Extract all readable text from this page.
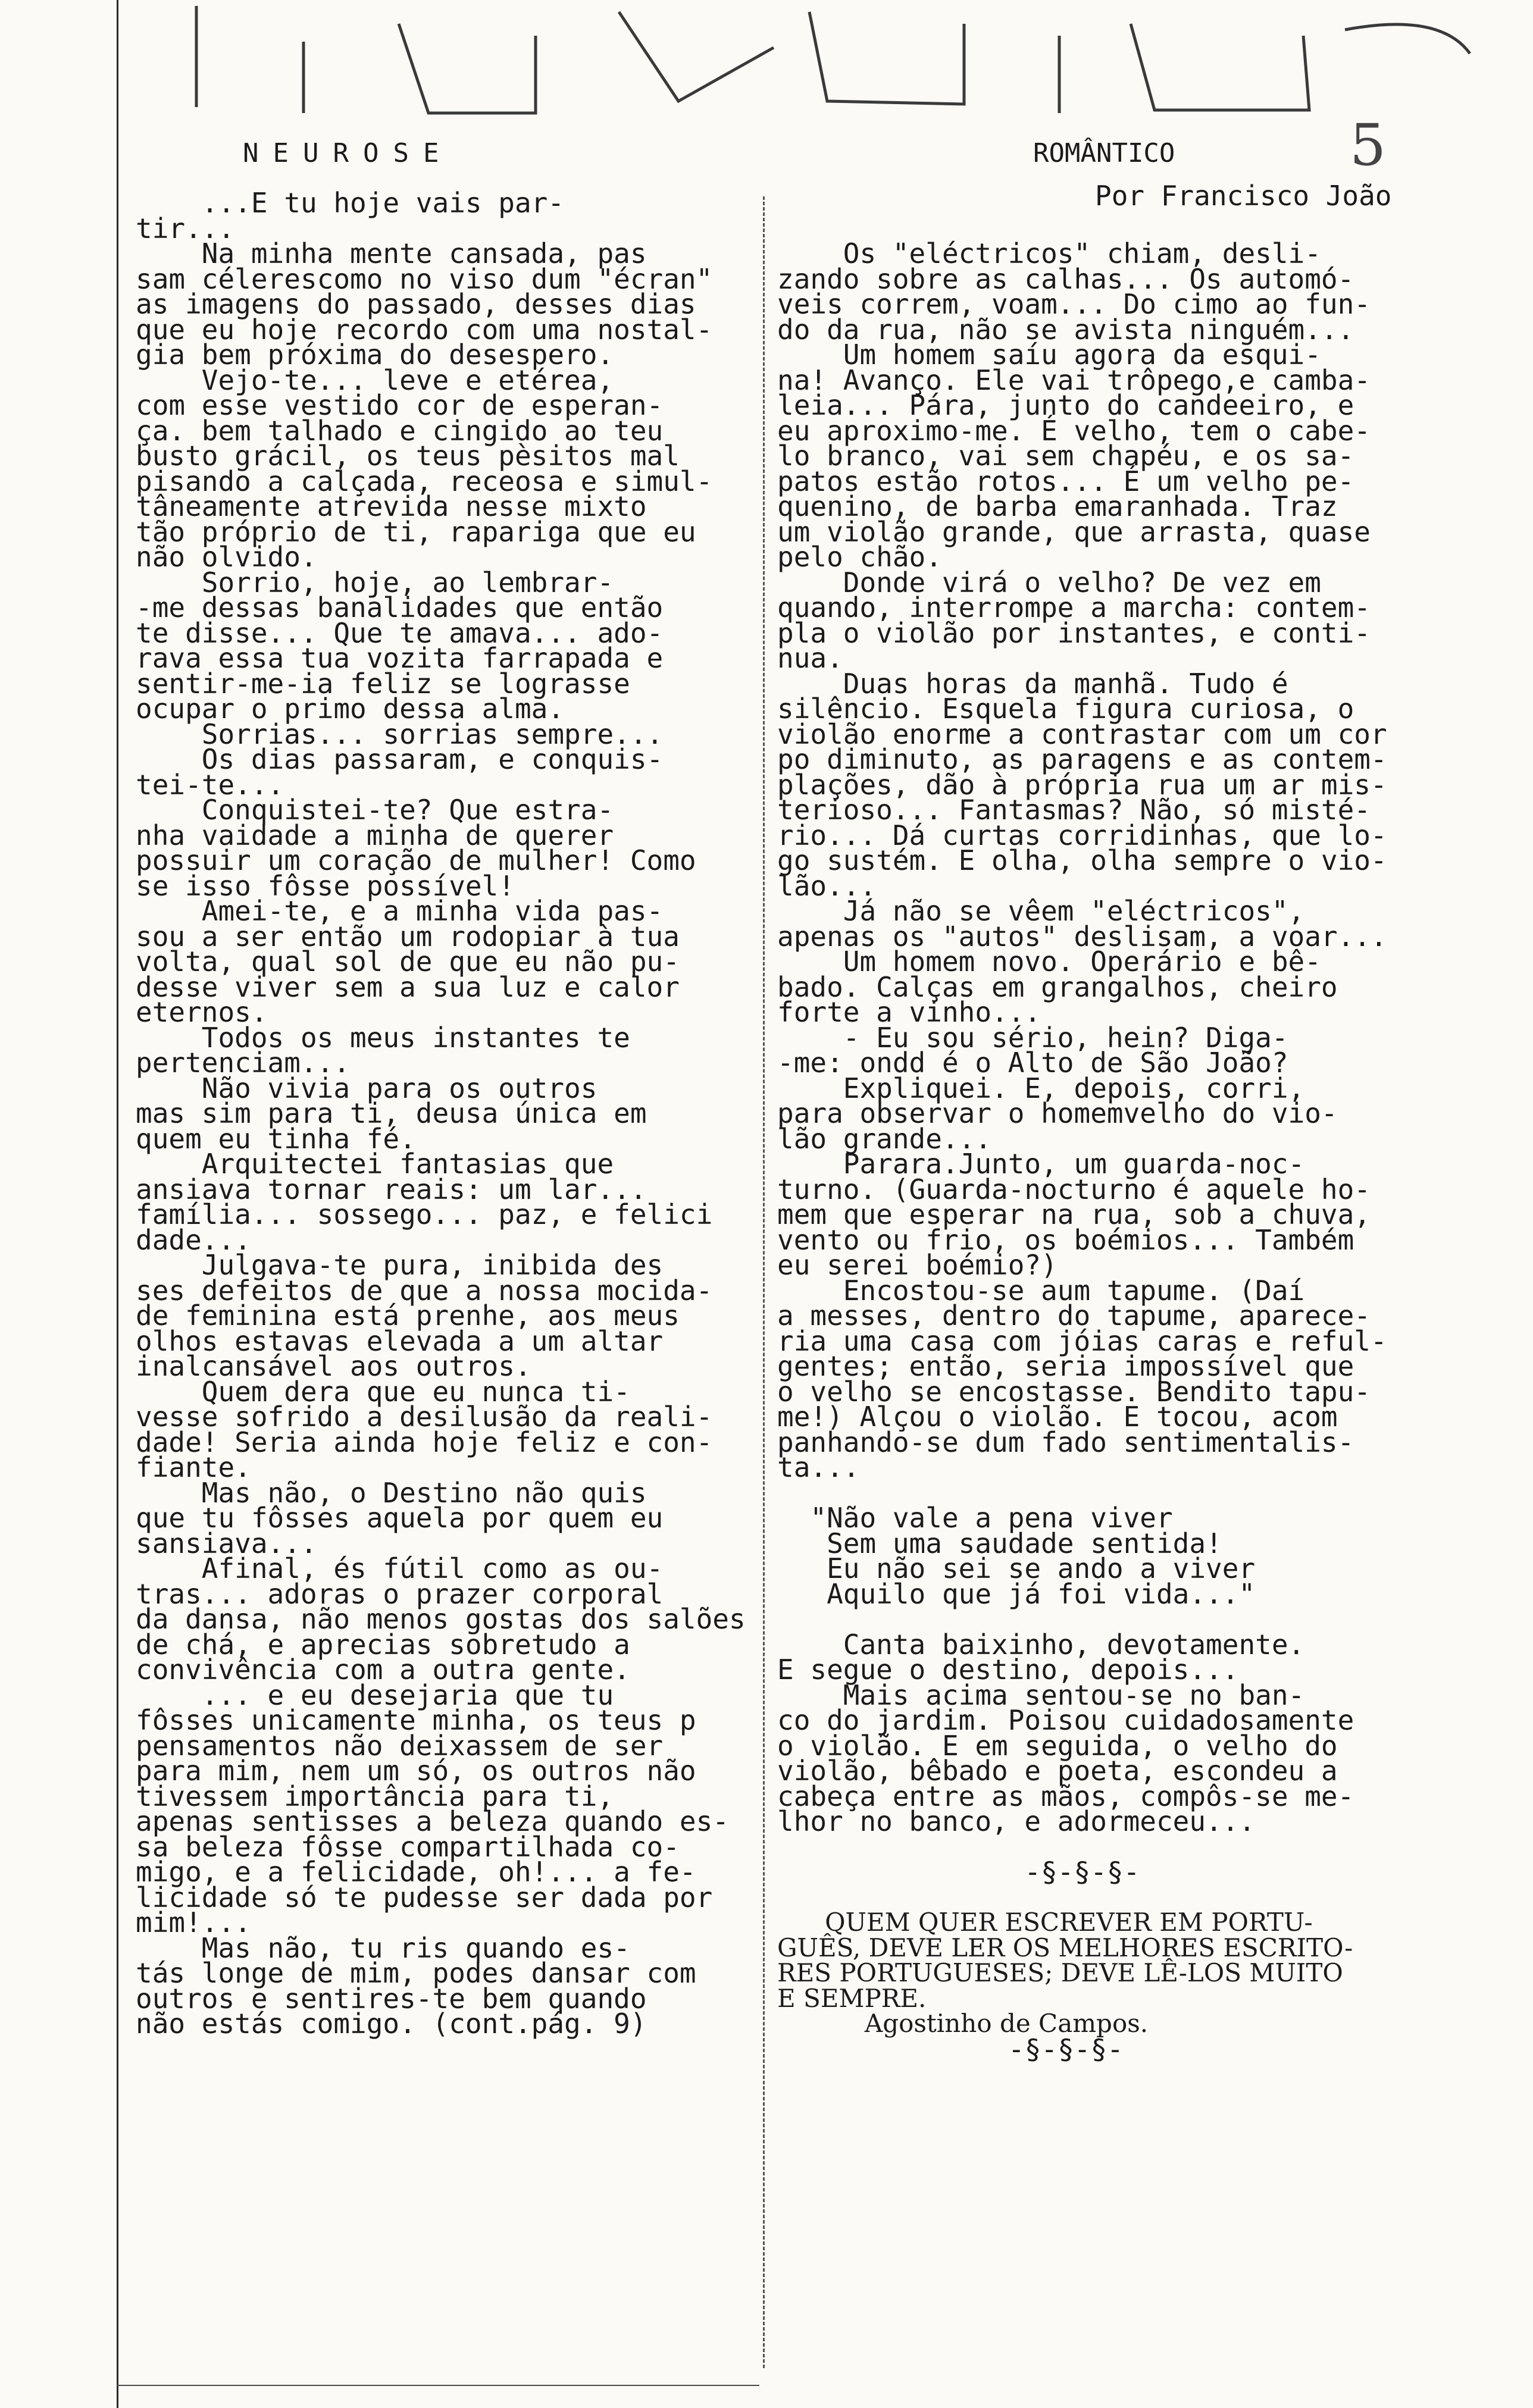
5
NEUROSE	ROMÂNTICO
Por Francisco João
...E tu hoje vais par-
tir...
Na minha mente cansada, pas
sam célerescomo no viso dum "écran"
as imagens do passado, desses dias
que eu hoje recordo com uma nostal-
gia bem próxima do desespero.
Vejo-te... leve e etérea,
com esse vestido cor de esperan-
ça. bem talhado e cingido ao teu
busto grácil, os teus pèsitos mal
pisando a calçada, receosa e simul-
tâneamente atrevida nesse mixto
tão próprio de ti, rapariga que eu
não olvido.
Sorrio, hoje, ao lembrar-
-me dessas banalidades que então
te disse... Que te amava... ado-
rava essa tua vozita farrapada e
sentir-me-ia feliz se lograsse
ocupar o primo dessa alma.
Sorrias... sorrias sempre...
Os dias passaram, e conquis-
tei-te...
Conquistei-te? Que estra-
nha vaidade a minha de querer
possuir um coração de mulher! Como
se isso fôsse possível!
Amei-te, e a minha vida pas-
sou a ser então um rodopiar à tua
volta, qual sol de que eu não pu-
desse viver sem a sua luz e calor
eternos.
Todos os meus instantes te
pertenciam...
Não vivia para os outros
mas sim para ti, deusa única em
quem eu tinha fé.
Arquitectei fantasias que
ansiava tornar reais: um lar...
família... sossego... paz, e felici
dade...
Julgava-te pura, inibida des
ses defeitos de que a nossa mocida-
de feminina está prenhe, aos meus
olhos estavas elevada a um altar
inalcansável aos outros.
Quem dera que eu nunca ti-
vesse sofrido a desilusão da reali-
dade! Seria ainda hoje feliz e con-
fiante.
Mas não, o Destino não quis
que tu fôsses aquela por quem eu
sansiava...
Afinal, és fútil como as ou-
tras... adoras o prazer corporal
da dansa, não menos gostas dos salões
de chá, e aprecias sobretudo a
convivência com a outra gente.
... e eu desejaria que tu
fôsses unicamente minha, os teus p
pensamentos não deixassem de ser
para mim, nem um só, os outros não
tivessem importância para ti,
apenas sentisses a beleza quando es-
sa beleza fôsse compartilhada co-
migo, e a felicidade, oh!... a fe-
licidade só te pudesse ser dada por
mim!...
Mas não, tu ris quando es-
tás longe de mim, podes dansar com
outros e sentires-te bem quando
não estás comigo. (cont.pág. 9)
Os "eléctricos" chiam, desli-
zando sobre as calhas... Os automó-
veis correm, voam... Do cimo ao fun-
do da rua, não se avista ninguém...
Um homem saíu agora da esqui-
na! Avanço. Ele vai trôpego,e camba-
leia... Pára, junto do candeeiro, e
eu aproximo-me. É velho, tem o cabe-
lo branco, vai sem chapéu, e os sa-
patos estão rotos... É um velho pe-
quenino, de barba emaranhada. Traz
um violão grande, que arrasta, quase
pelo chão.
Donde virá o velho? De vez em
quando, interrompe a marcha: contem-
pla o violão por instantes, e conti-
nua.
Duas horas da manhã. Tudo é
silêncio. Esquela figura curiosa, o
violão enorme a contrastar com um cor
po diminuto, as paragens e as contem-
plações, dão à própria rua um ar mis-
terioso... Fantasmas? Não, só misté-
rio... Dá curtas corridinhas, que lo-
go sustém. E olha, olha sempre o vio-
lão...
Já não se vêem "eléctricos",
apenas os "autos" deslisam, a voar...
Um homem novo. Operário e bê-
bado. Calças em grangalhos, cheiro
forte a vinho...
- Eu sou sério, hein? Diga-
-me: ondd é o Alto de São João?
Expliquei. E, depois, corri,
para observar o homemvelho do vio-
lão grande...
Parara.Junto, um guarda-noc-
turno. (Guarda-nocturno é aquele ho-
mem que esperar na rua, sob a chuva,
vento ou frio, os boémios... Também
eu serei boémio?)
Encostou-se aum tapume. (Daí
a messes, dentro do tapume, aparece-
ria uma casa com jóias caras e reful-
gentes; então, seria impossível que
o velho se encostasse. Bendito tapu-
me!) Alçou o violão. E tocou, acom
panhando-se dum fado sentimentalis-
ta...
"Não vale a pena viver
Sem uma saudade sentida!
Eu não sei se ando a viver
Aquilo que já foi vida..."
Canta baixinho, devotamente.
E segue o destino, depois...
Mais acima sentou-se no ban-
co do jardim. Poisou cuidadosamente
o violão. E em seguida, o velho do
violão, bêbado e poeta, escondeu a
cabeça entre as mãos, compôs-se me-
lhor no banco, e adormeceu...
-§-§-§-
QUEM QUER ESCREVER EM PORTU-
GUÊS, DEVE LER OS MELHORES ESCRITO-
RES PORTUGUESES; DEVE LÊ-LOS MUITO
E SEMPRE.
Agostinho de Campos.
-§-§-§-
